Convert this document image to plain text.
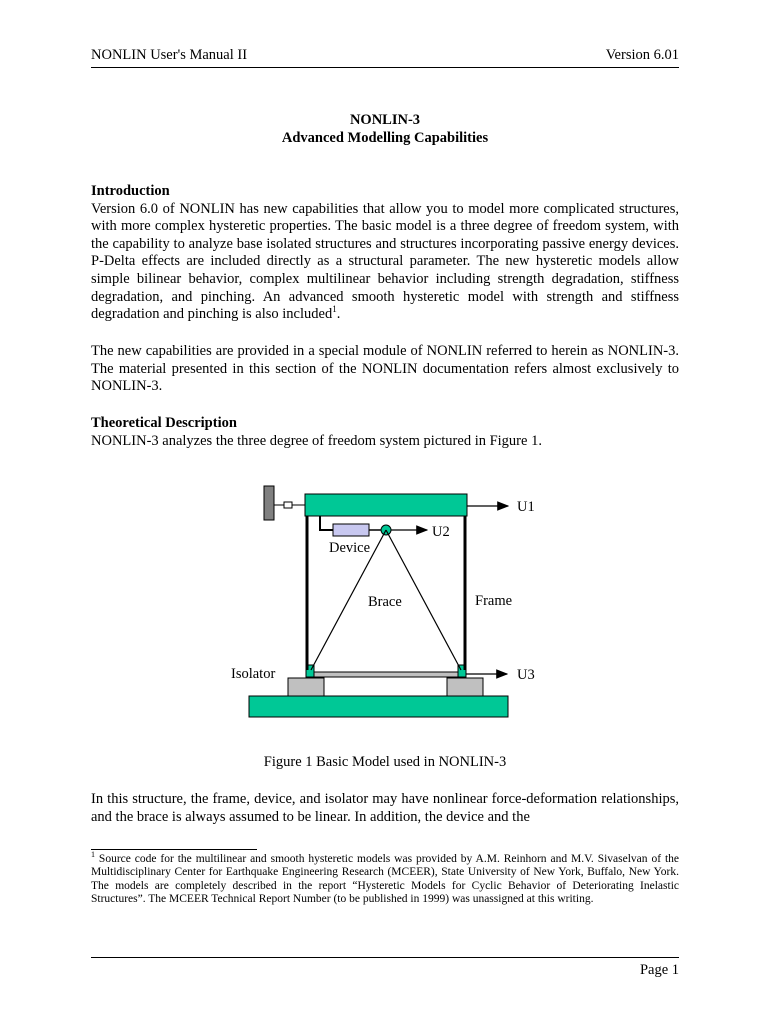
NONLIN User's Manual II	Version 6.01
NONLIN-3
Advanced Modelling Capabilities
Introduction
Version 6.0 of NONLIN has new capabilities that allow you to model more complicated structures, with more complex hysteretic properties. The basic model is a three degree of freedom system, with the capability to analyze base isolated structures and structures incorporating passive energy devices. P-Delta effects are included directly as a structural parameter. The new hysteretic models allow simple bilinear behavior, complex multilinear behavior including strength degradation, stiffness degradation, and pinching. An advanced smooth hysteretic model with strength and stiffness degradation and pinching is also included$^1$.
The new capabilities are provided in a special module of NONLIN referred to herein as NONLIN-3. The material presented in this section of the NONLIN documentation refers almost exclusively to NONLIN-3.
Theoretical Description
NONLIN-3 analyzes the three degree of freedom system pictured in Figure 1.
U1
U2
Device
Brace	Frame
Isolator	U3
Figure 1 Basic Model used in NONLIN-3
In this structure, the frame, device, and isolator may have nonlinear force-deformation relationships, and the brace is always assumed to be linear. In addition, the device and the
$^1$ Source code for the multilinear and smooth hysteretic models was provided by A.M. Reinhorn and M.V. Sivaselvan of the Multidisciplinary Center for Earthquake Engineering Research (MCEER), State University of New York, Buffalo, New York. The models are completely described in the report “Hysteretic Models for Cyclic Behavior of Deteriorating Inelastic Structures”. The MCEER Technical Report Number (to be published in 1999) was unassigned at this writing.
Page 1
